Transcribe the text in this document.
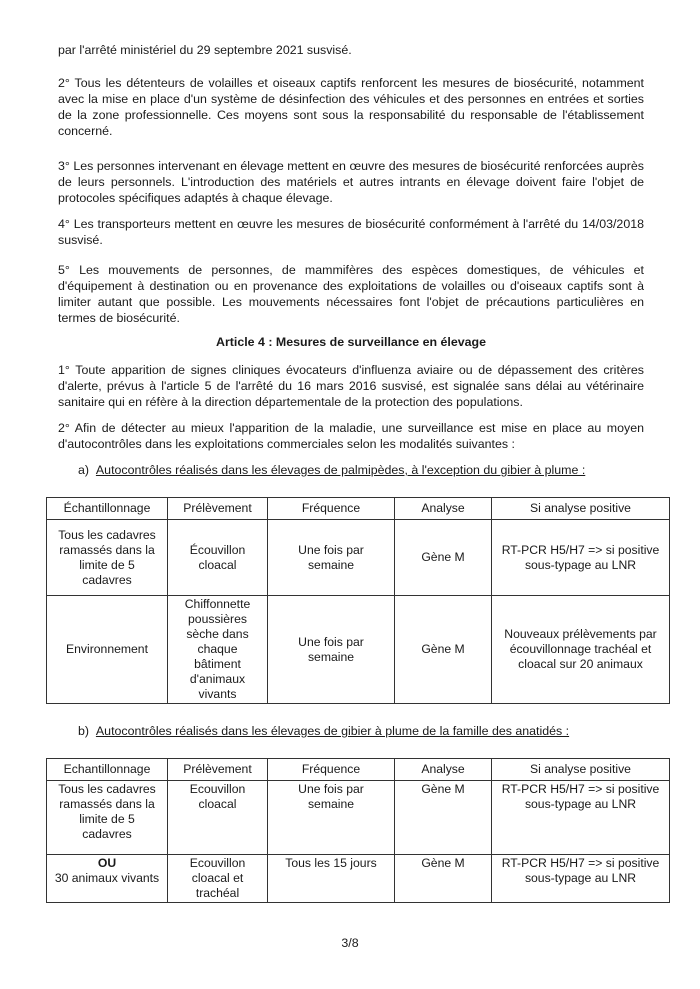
par l'arrêté ministériel du 29 septembre 2021 susvisé.

2° Tous les détenteurs de volailles et oiseaux captifs renforcent les mesures de biosécurité, notamment avec la mise en place d'un système de désinfection des véhicules et des personnes en entrées et sorties de la zone professionnelle. Ces moyens sont sous la responsabilité du responsable de l'établissement concerné.

3° Les personnes intervenant en élevage mettent en œuvre des mesures de biosécurité renforcées auprès de leurs personnels. L'introduction des matériels et autres intrants en élevage doivent faire l'objet de protocoles spécifiques adaptés à chaque élevage.

4° Les transporteurs mettent en œuvre les mesures de biosécurité conformément à l'arrêté du 14/03/2018 susvisé.

5° Les mouvements de personnes, de mammifères des espèces domestiques, de véhicules et d'équipement à destination ou en provenance des exploitations de volailles ou d'oiseaux captifs sont à limiter autant que possible. Les mouvements nécessaires font l'objet de précautions particulières en termes de biosécurité.

Article 4 : Mesures de surveillance en élevage

1° Toute apparition de signes cliniques évocateurs d'influenza aviaire ou de dépassement des critères d'alerte, prévus à l'article 5 de l'arrêté du 16 mars 2016 susvisé, est signalée sans délai au vétérinaire sanitaire qui en réfère à la direction départementale de la protection des populations.

2° Afin de détecter au mieux l'apparition de la maladie, une surveillance est mise en place au moyen d'autocontrôles dans les exploitations commerciales selon les modalités suivantes :

a) Autocontrôles réalisés dans les élevages de palmipèdes, à l'exception du gibier à plume :

Échantillonnage	Prélèvement	Fréquence	Analyse	Si analyse positive
Tous les cadavres ramassés dans la limite de 5 cadavres	Écouvillon cloacal	Une fois par semaine	Gène M	RT-PCR H5/H7 => si positive sous-typage au LNR
Environnement	Chiffonnette poussières sèche dans chaque bâtiment d'animaux vivants	Une fois par semaine	Gène M	Nouveaux prélèvements par écouvillonnage trachéal et cloacal sur 20 animaux

b) Autocontrôles réalisés dans les élevages de gibier à plume de la famille des anatidés :

Echantillonnage	Prélèvement	Fréquence	Analyse	Si analyse positive
Tous les cadavres ramassés dans la limite de 5 cadavres	Ecouvillon cloacal	Une fois par semaine	Gène M	RT-PCR H5/H7 => si positive sous-typage au LNR

OU
30 animaux vivants	Ecouvillon cloacal et trachéal	Tous les 15 jours	Gène M	RT-PCR H5/H7 => si positive sous-typage au LNR
3/8
